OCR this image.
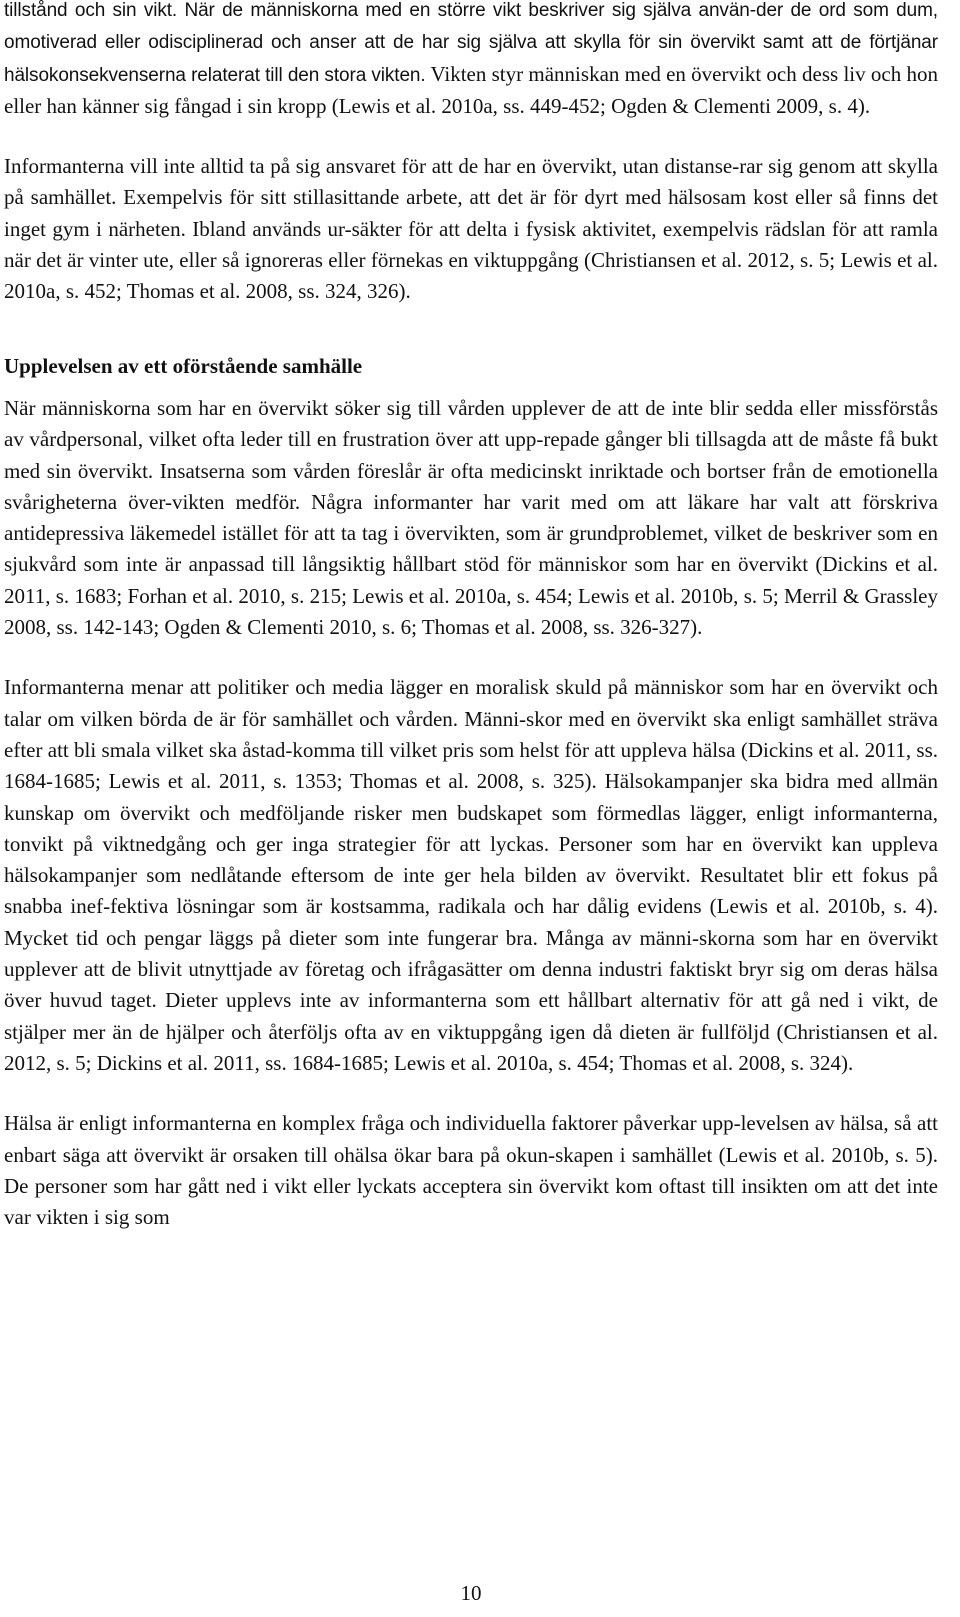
tillstånd och sin vikt. När de människorna med en större vikt beskriver sig själva använ-der de ord som dum, omotiverad eller odisciplinerad och anser att de har sig själva att skylla för sin övervikt samt att de förtjänar hälsokonsekvenserna relaterat till den stora vikten. Vikten styr människan med en övervikt och dess liv och hon eller han känner sig fångad i sin kropp (Lewis et al. 2010a, ss. 449-452; Ogden & Clementi 2009, s. 4).

Informanterna vill inte alltid ta på sig ansvaret för att de har en övervikt, utan distanse-rar sig genom att skylla på samhället. Exempelvis för sitt stillasittande arbete, att det är för dyrt med hälsosam kost eller så finns det inget gym i närheten. Ibland används ur-säkter för att delta i fysisk aktivitet, exempelvis rädslan för att ramla när det är vinter ute, eller så ignoreras eller förnekas en viktuppgång (Christiansen et al. 2012, s. 5; Lewis et al. 2010a, s. 452; Thomas et al. 2008, ss. 324, 326).

Upplevelsen av ett oförstående samhälle

När människorna som har en övervikt söker sig till vården upplever de att de inte blir sedda eller missförstås av vårdpersonal, vilket ofta leder till en frustration över att upp-repade gånger bli tillsagda att de måste få bukt med sin övervikt. Insatserna som vården föreslår är ofta medicinskt inriktade och bortser från de emotionella svårigheterna över-vikten medför. Några informanter har varit med om att läkare har valt att förskriva antidepressiva läkemedel istället för att ta tag i övervikten, som är grundproblemet, vilket de beskriver som en sjukvård som inte är anpassad till långsiktig hållbart stöd för människor som har en övervikt (Dickins et al. 2011, s. 1683; Forhan et al. 2010, s. 215; Lewis et al. 2010a, s. 454; Lewis et al. 2010b, s. 5; Merril & Grassley 2008, ss. 142-143; Ogden & Clementi 2010, s. 6; Thomas et al. 2008, ss. 326-327).

Informanterna menar att politiker och media lägger en moralisk skuld på människor som har en övervikt och talar om vilken börda de är för samhället och vården. Männi-skor med en övervikt ska enligt samhället sträva efter att bli smala vilket ska åstad-komma till vilket pris som helst för att uppleva hälsa (Dickins et al. 2011, ss. 1684-1685; Lewis et al. 2011, s. 1353; Thomas et al. 2008, s. 325). Hälsokampanjer ska bidra med allmän kunskap om övervikt och medföljande risker men budskapet som förmedlas lägger, enligt informanterna, tonvikt på viktnedgång och ger inga strategier för att lyckas. Personer som har en övervikt kan uppleva hälsokampanjer som nedlåtande eftersom de inte ger hela bilden av övervikt. Resultatet blir ett fokus på snabba inef-fektiva lösningar som är kostsamma, radikala och har dålig evidens (Lewis et al. 2010b, s. 4). Mycket tid och pengar läggs på dieter som inte fungerar bra. Många av männi-skorna som har en övervikt upplever att de blivit utnyttjade av företag och ifrågasätter om denna industri faktiskt bryr sig om deras hälsa över huvud taget. Dieter upplevs inte av informanterna som ett hållbart alternativ för att gå ned i vikt, de stjälper mer än de hjälper och återföljs ofta av en viktuppgång igen då dieten är fullföljd (Christiansen et al. 2012, s. 5; Dickins et al. 2011, ss. 1684-1685; Lewis et al. 2010a, s. 454; Thomas et al. 2008, s. 324).

Hälsa är enligt informanterna en komplex fråga och individuella faktorer påverkar upp-levelsen av hälsa, så att enbart säga att övervikt är orsaken till ohälsa ökar bara på okun-skapen i samhället (Lewis et al. 2010b, s. 5). De personer som har gått ned i vikt eller lyckats acceptera sin övervikt kom oftast till insikten om att det inte var vikten i sig som

10
